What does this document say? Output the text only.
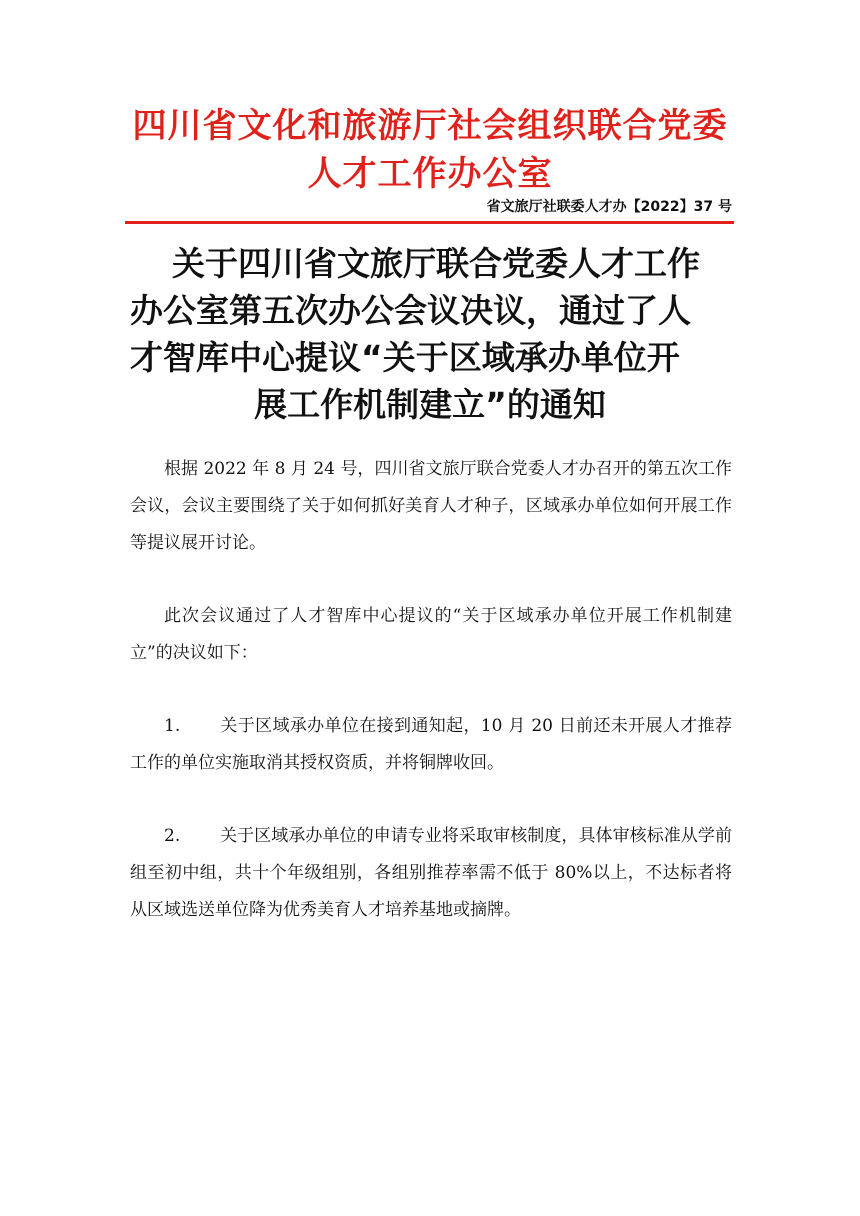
四川省文化和旅游厅社会组织联合党委
人才工作办公室
省文旅厅社联委人才办【2022】37 号
关于四川省文旅厅联合党委人才工作
办公室第五次办公会议决议，通过了人
才智库中心提议“关于区域承办单位开
展工作机制建立”的通知

根据 2022 年 8 月 24 号，四川省文旅厅联合党委人才办召开的第五次工作会议，会议主要围绕了关于如何抓好美育人才种子，区域承办单位如何开展工作等提议展开讨论。

此次会议通过了人才智库中心提议的“关于区域承办单位开展工作机制建立”的决议如下：

1. 关于区域承办单位在接到通知起，10 月 20 日前还未开展人才推荐工作的单位实施取消其授权资质，并将铜牌收回。

2. 关于区域承办单位的申请专业将采取审核制度，具体审核标准从学前组至初中组，共十个年级组别，各组别推荐率需不低于 80%以上，不达标者将从区域选送单位降为优秀美育人才培养基地或摘牌。
